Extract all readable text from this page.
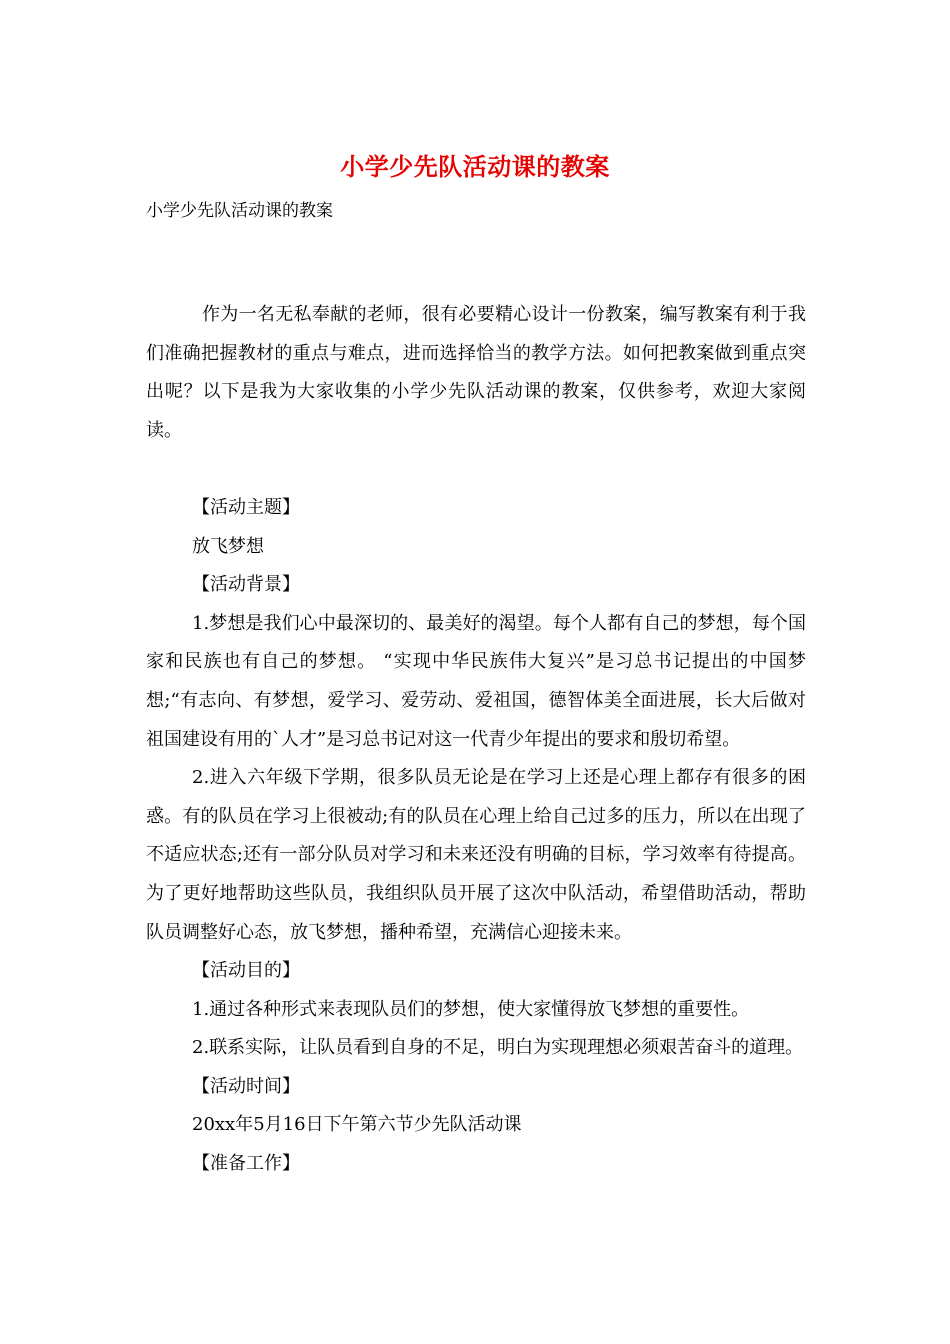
小学少先队活动课的教案
小学少先队活动课的教案

作为一名无私奉献的老师，很有必要精心设计一份教案，编写教案有利于我们准确把握教材的重点与难点，进而选择恰当的教学方法。如何把教案做到重点突出呢？以下是我为大家收集的小学少先队活动课的教案，仅供参考，欢迎大家阅读。

【活动主题】

放飞梦想

【活动背景】

1.梦想是我们心中最深切的、最美好的渴望。每个人都有自己的梦想，每个国家和民族也有自己的梦想。 “实现中华民族伟大复兴”是习总书记提出的中国梦想;“有志向、有梦想，爱学习、爱劳动、爱祖国，德智体美全面进展，长大后做对祖国建设有用的`人才”是习总书记对这一代青少年提出的要求和殷切希望。

2.进入六年级下学期，很多队员无论是在学习上还是心理上都存有很多的困惑。有的队员在学习上很被动;有的队员在心理上给自己过多的压力，所以在出现了不适应状态;还有一部分队员对学习和未来还没有明确的目标，学习效率有待提高。为了更好地帮助这些队员，我组织队员开展了这次中队活动，希望借助活动，帮助队员调整好心态，放飞梦想，播种希望，充满信心迎接未来。

【活动目的】

1.通过各种形式来表现队员们的梦想，使大家懂得放飞梦想的重要性。

2.联系实际，让队员看到自身的不足，明白为实现理想必须艰苦奋斗的道理。

【活动时间】

20xx年5月16日下午第六节少先队活动课

【准备工作】
